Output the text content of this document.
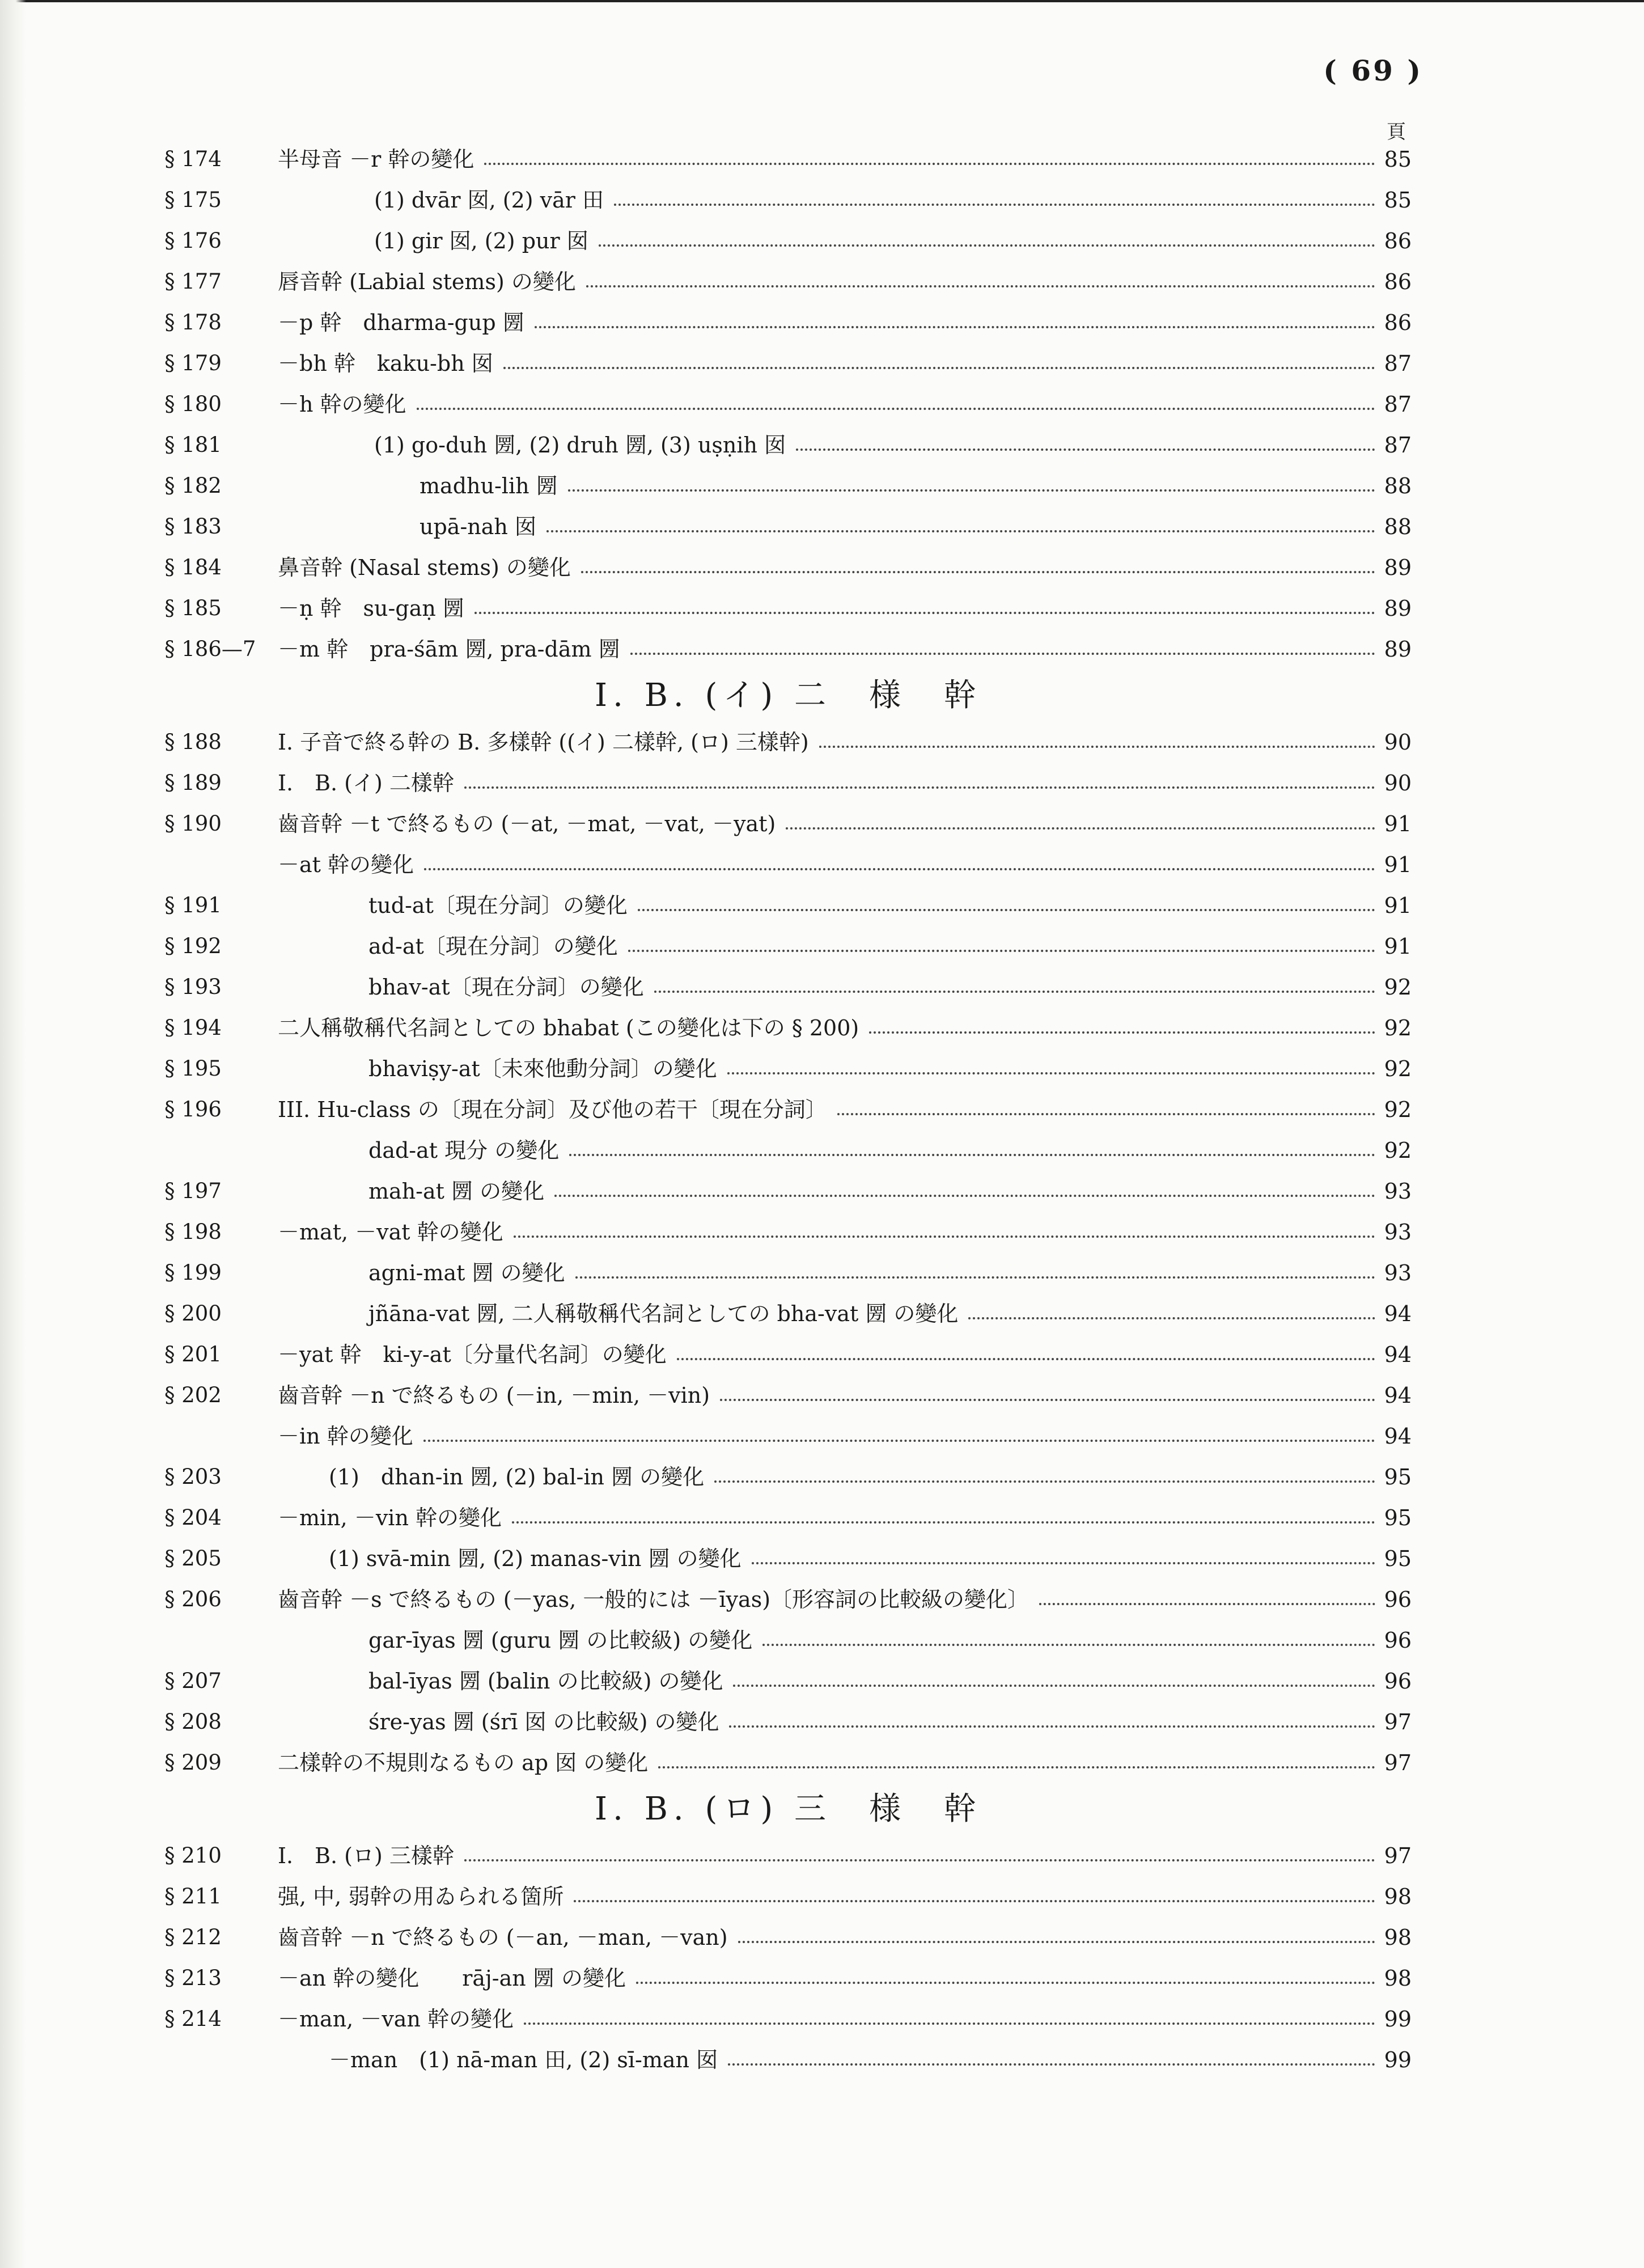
( 69 )
頁
§ 174	半母音 －r 幹の變化	85
§ 175	(1) dvār 囡, (2) vār 田	85
§ 176	(1) gir 囡, (2) pur 囡	86
§ 177	唇音幹 (Labial stems) の變化	86
§ 178	－p 幹　dharma-gup 圐	86
§ 179	－bh 幹　kaku-bh 囡	87
§ 180	－h 幹の變化	87
§ 181	(1) go-duh 圐, (2) druh 圐, (3) uṣṇih 囡	87
§ 182	madhu-lih 圐	88
§ 183	upā-nah 囡	88
§ 184	鼻音幹 (Nasal stems) の變化	89
§ 185	－ṇ 幹　su-gaṇ 圐	89
§ 186—7	－m 幹　pra-śām 圐, pra-dām 圐	89
I. B. (イ) 二　様　幹
§ 188	I. 子音で終る幹の B. 多樣幹 ((イ) 二樣幹, (ロ) 三樣幹)	90
§ 189	I.　B. (イ) 二樣幹	90
§ 190	齒音幹 －t で終るもの (－at, －mat, －vat, －yat)	91
－at 幹の變化	91
§ 191	tud-at〔現在分詞〕の變化	91
§ 192	ad-at〔現在分詞〕の變化	91
§ 193	bhav-at〔現在分詞〕の變化	92
§ 194	二人稱敬稱代名詞としての bhabat (この變化は下の § 200)	92
§ 195	bhaviṣy-at〔未來他動分詞〕の變化	92
§ 196	III. Hu-class の〔現在分詞〕及び他の若干〔現在分詞〕	92
dad-at 現分 の變化	92
§ 197	mah-at 圐 の變化	93
§ 198	－mat, －vat 幹の變化	93
§ 199	agni-mat 圐 の變化	93
§ 200	jñāna-vat 圐, 二人稱敬稱代名詞としての bha-vat 圐 の變化	94
§ 201	－yat 幹　ki-y-at〔分量代名詞〕の變化	94
§ 202	齒音幹 －n で終るもの (－in, －min, －vin)	94
－in 幹の變化	94
§ 203	(1)　dhan-in 圐, (2) bal-in 圐 の變化	95
§ 204	－min, －vin 幹の變化	95
§ 205	(1) svā-min 圐, (2) manas-vin 圐 の變化	95
§ 206	齒音幹 －s で終るもの (－yas, 一般的には －īyas)〔形容詞の比較級の變化〕	96
gar-īyas 圐 (guru 圐 の比較級) の變化	96
§ 207	bal-īyas 圐 (balin の比較級) の變化	96
§ 208	śre-yas 圐 (śrī 囡 の比較級) の變化	97
§ 209	二樣幹の不規則なるもの ap 囡 の變化	97
I. B. (ロ) 三　様　幹
§ 210	I.　B. (ロ) 三樣幹	97
§ 211	强, 中, 弱幹の用ゐられる箇所	98
§ 212	齒音幹 －n で終るもの (－an, －man, －van)	98
§ 213	－an 幹の變化　　rāj-an 圐 の變化	98
§ 214	－man, －van 幹の變化	99
－man　(1) nā-man 田, (2) sī-man 囡	99
